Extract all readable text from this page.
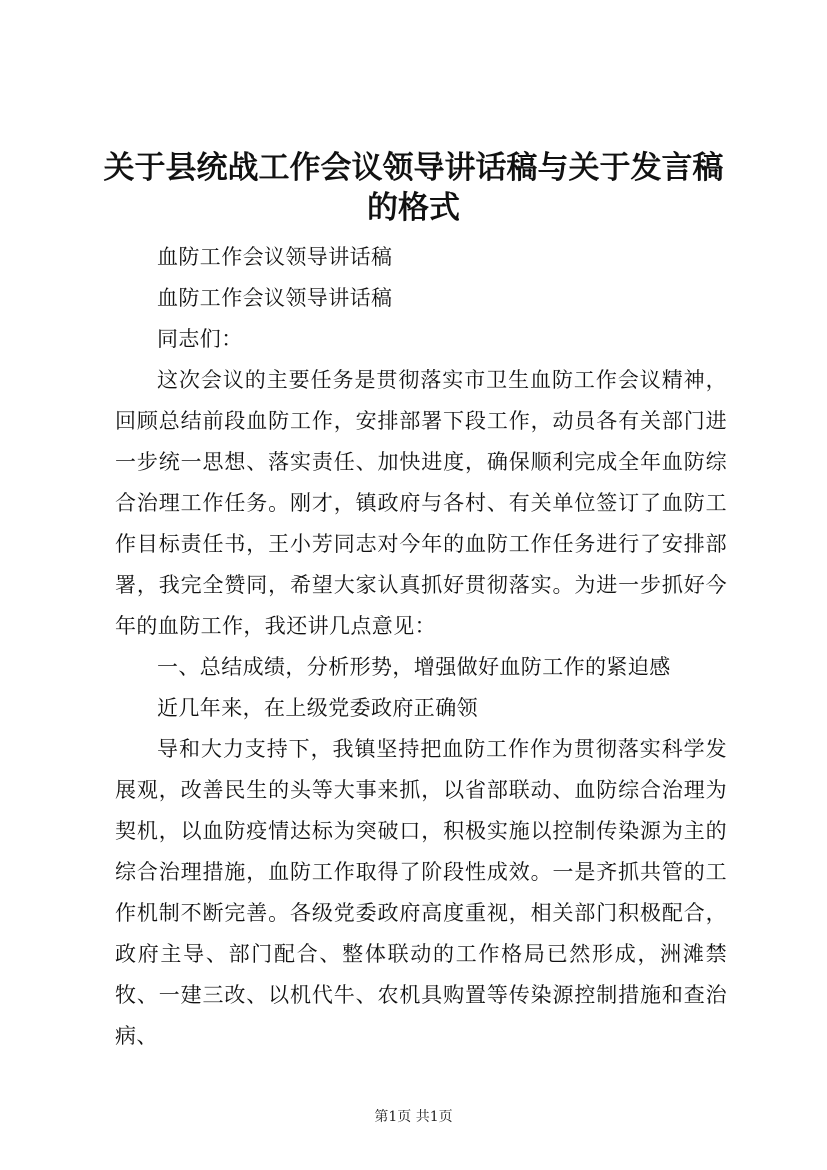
关于县统战工作会议领导讲话稿与关于发言稿
的格式

血防工作会议领导讲话稿

血防工作会议领导讲话稿

同志们：

这次会议的主要任务是贯彻落实市卫生血防工作会议精神，回顾总结前段血防工作，安排部署下段工作，动员各有关部门进一步统一思想、落实责任、加快进度，确保顺利完成全年血防综合治理工作任务。刚才，镇政府与各村、有关单位签订了血防工作目标责任书，王小芳同志对今年的血防工作任务进行了安排部署，我完全赞同，希望大家认真抓好贯彻落实。为进一步抓好今年的血防工作，我还讲几点意见：

一、总结成绩，分析形势，增强做好血防工作的紧迫感

近几年来，在上级党委政府正确领

导和大力支持下，我镇坚持把血防工作作为贯彻落实科学发展观，改善民生的头等大事来抓，以省部联动、血防综合治理为契机，以血防疫情达标为突破口，积极实施以控制传染源为主的综合治理措施，血防工作取得了阶段性成效。一是齐抓共管的工作机制不断完善。各级党委政府高度重视，相关部门积极配合，政府主导、部门配合、整体联动的工作格局已然形成，洲滩禁牧、一建三改、以机代牛、农机具购置等传染源控制措施和查治病、

第1页 共1页
